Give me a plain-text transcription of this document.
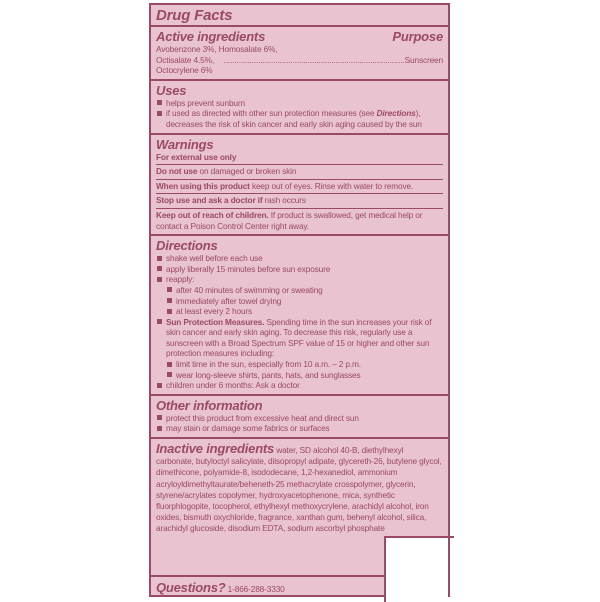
Drug Facts
Active ingredients	Purpose
Avobenzone 3%, Homosalate 6%,
Octisalate 4.5%, Octocrylene 6%
.................................................................................... Sunscreen
Uses
helps prevent sunburn
if used as directed with other sun protection measures (see Directions), decreases the risk of skin cancer and early skin aging caused by the sun
Warnings
For external use only
Do not use on damaged or broken skin
When using this product keep out of eyes. Rinse with water to remove.
Stop use and ask a doctor if rash occurs
Keep out of reach of children. If product is swallowed, get medical help or contact a Poison Control Center right away.
Directions
shake well before each use
apply liberally 15 minutes before sun exposure
reapply:
after 40 minutes of swimming or sweating
immediately after towel drying
at least every 2 hours
Sun Protection Measures. Spending time in the sun increases your risk of skin cancer and early skin aging. To decrease this risk, regularly use a sunscreen with a Broad Spectrum SPF value of 15 or higher and other sun protection measures including:
limit time in the sun, especially from 10 a.m. – 2 p.m.
wear long-sleeve shirts, pants, hats, and sunglasses
children under 6 months: Ask a doctor
Other information
protect this product from excessive heat and direct sun
may stain or damage some fabrics or surfaces
Inactive ingredients water, SD alcohol 40-B, diethylhexyl carbonate, butyloctyl salicylate, diisopropyl adipate, glycereth-26, butylene glycol, dimethicone, polyamide-8, isododecane, 1,2-hexanediol, ammonium acryloyldimethyltaurate/beheneth-25 methacrylate crosspolymer, glycerin, styrene/acrylates copolymer, hydroxyacetophenone, mica, synthetic fluorphlogopite, tocopherol, ethylhexyl methoxycrylene, arachidyl alcohol, iron oxides, bismuth oxychloride, fragrance, xanthan gum, behenyl alcohol, silica, arachidyl glucoside, disodium EDTA, sodium ascorbyl phosphate
Questions? 1-866-288-3330
